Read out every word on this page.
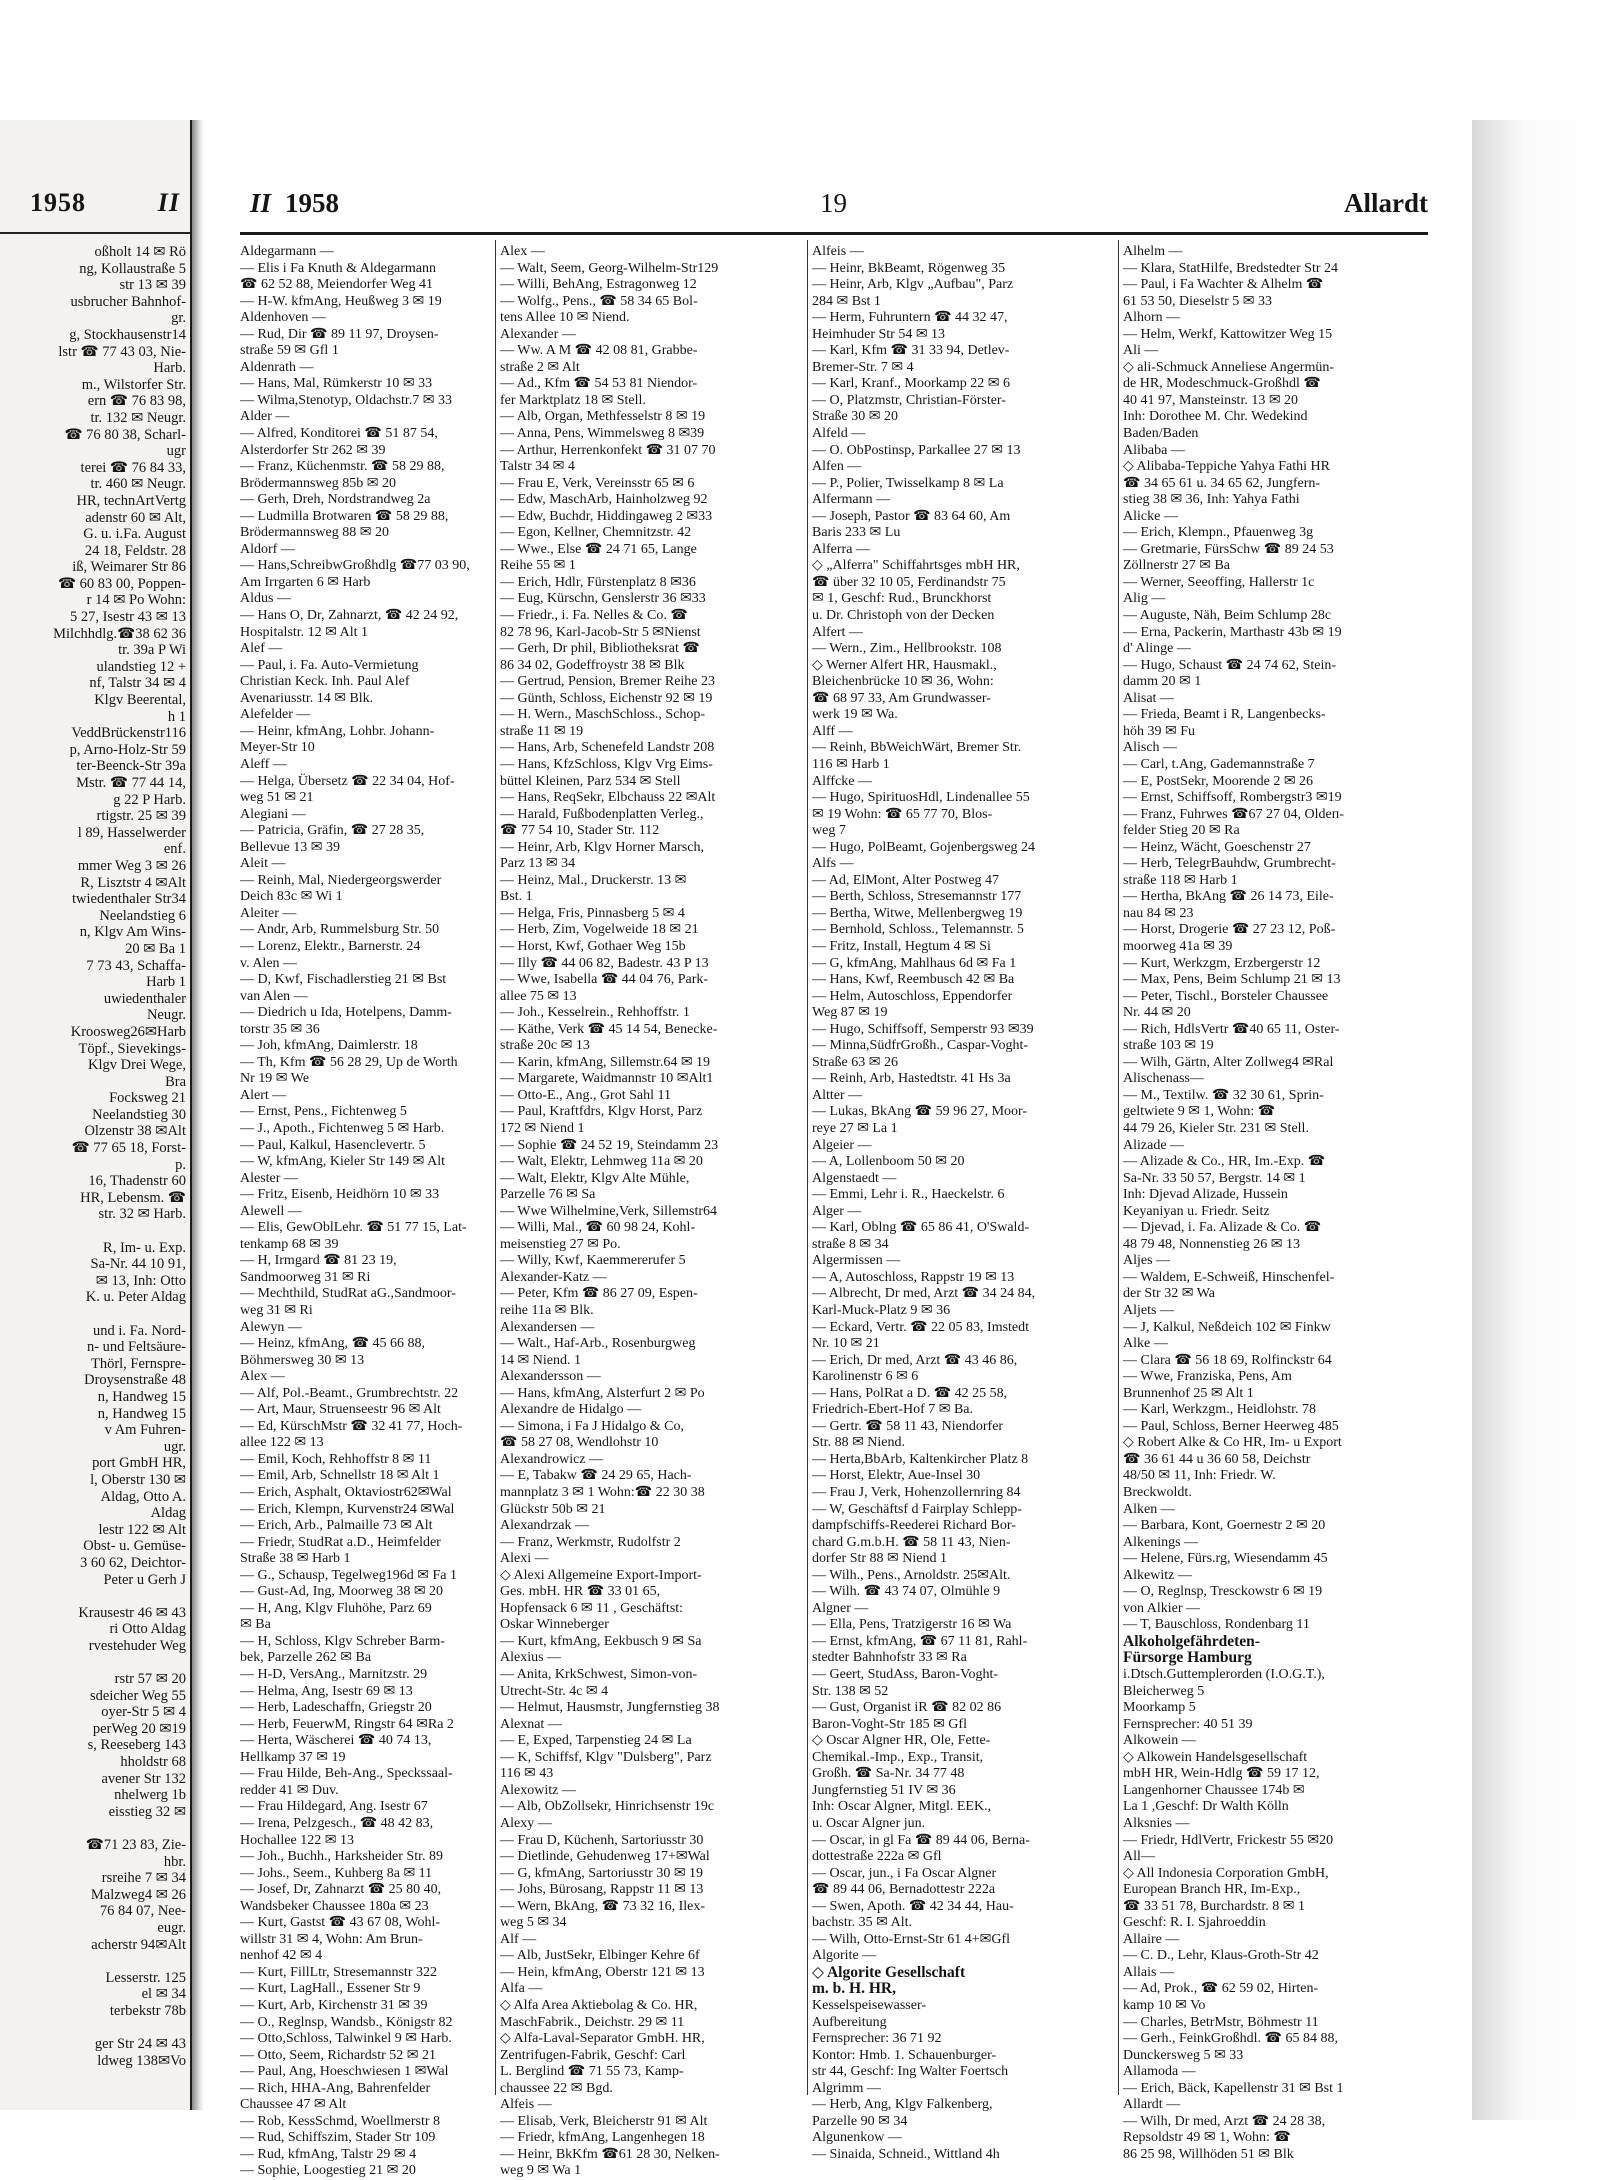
1958	II
oßholt 14 ✉ Rö
ng, Kollaustraße 5
str 13 ✉ 39
usbrucher Bahnhof-
gr.
g, Stockhausenstr14
lstr ☎ 77 43 03, Nie-
Harb.
m., Wilstorfer Str.
ern ☎ 76 83 98,
tr. 132 ✉ Neugr.
☎ 76 80 38, Scharl-
ugr
terei ☎ 76 84 33,
tr. 460 ✉ Neugr.
HR, technArtVertg
adenstr 60 ✉ Alt,
G. u. i.Fa. August
24 18, Feldstr. 28
iß, Weimarer Str 86
☎ 60 83 00, Poppen-
r 14 ✉ Po Wohn:
5 27, Isestr 43 ✉ 13
Milchhdlg.☎38 62 36
tr. 39a P Wi
ulandstieg 12 +
nf, Talstr 34 ✉ 4
Klgv Beerental,
h 1
VeddBrückenstr116
p, Arno-Holz-Str 59
ter-Beenck-Str 39a
Mstr. ☎ 77 44 14,
g 22 P Harb.
rtigstr. 25 ✉ 39
l 89, Hasselwerder
enf.
mmer Weg 3 ✉ 26
R, Lisztstr 4 ✉Alt
twiedenthaler Str34
Neelandstieg 6
n, Klgv Am Wins-
20 ✉ Ba 1
7 73 43, Schaffa-
Harb 1
uwiedenthaler
Neugr.
Kroosweg26✉Harb
Töpf., Sievekings-
Klgv Drei Wege,
Bra
Focksweg 21
Neelandstieg 30
Olzenstr 38 ✉Alt
☎ 77 65 18, Forst-
p.
16, Thadenstr 60
HR, Lebensm. ☎
str. 32 ✉ Harb.
R, Im- u. Exp.
Sa-Nr. 44 10 91,
✉ 13, Inh: Otto
K. u. Peter Aldag
und i. Fa. Nord-
n- und Feltsäure-
Thörl, Fernspre-
Droysenstraße 48
n, Handweg 15
n, Handweg 15
v Am Fuhren-
ugr.
port GmbH HR,
l, Oberstr 130 ✉
Aldag, Otto A.
Aldag
lestr 122 ✉ Alt
Obst- u. Gemüse-
3 60 62, Deichtor-
Peter u Gerh J
Krausestr 46 ✉ 43
ri Otto Aldag
rvestehuder Weg
rstr 57 ✉ 20
sdeicher Weg 55
oyer-Str 5 ✉ 4
perWeg 20 ✉19
s, Reeseberg 143
hholdstr 68
avener Str 132
nhelwerg 1b
eisstieg 32 ✉
☎71 23 83, Zie-
hbr.
rsreihe 7 ✉ 34
Malzweg4 ✉ 26
76 84 07, Nee-
eugr.
acherstr 94✉Alt
Lesserstr. 125
el ✉ 34
terbekstr 78b
ger Str 24 ✉ 43
ldweg 138✉Vo
II 1958	19	Allardt
Aldegarmann —
— Elis i Fa Knuth & Aldegarmann
☎ 62 52 88, Meiendorfer Weg 41
— H-W. kfmAng, Heußweg 3 ✉ 19
Aldenhoven —
— Rud, Dir ☎ 89 11 97, Droysen-
straße 59 ✉ Gfl 1
Aldenrath —
— Hans, Mal, Rümkerstr 10 ✉ 33
— Wilma,Stenotyp, Oldachstr.7 ✉ 33
Alder —
— Alfred, Konditorei ☎ 51 87 54,
Alsterdorfer Str 262 ✉ 39
— Franz, Küchenmstr. ☎ 58 29 88,
Brödermannsweg 85b ✉ 20
— Gerh, Dreh, Nordstrandweg 2a
— Ludmilla Brotwaren ☎ 58 29 88,
Brödermannsweg 88 ✉ 20
Aldorf —
— Hans,SchreibwGroßhdlg ☎77 03 90,
Am Irrgarten 6 ✉ Harb
Aldus —
— Hans O, Dr, Zahnarzt, ☎ 42 24 92,
Hospitalstr. 12 ✉ Alt 1
Alef —
— Paul, i. Fa. Auto-Vermietung
Christian Keck. Inh. Paul Alef
Avenariusstr. 14 ✉ Blk.
Alefelder —
— Heinr, kfmAng, Lohbr. Johann-
Meyer-Str 10
Aleff —
— Helga, Übersetz ☎ 22 34 04, Hof-
weg 51 ✉ 21
Alegiani —
— Patricia, Gräfin, ☎ 27 28 35,
Bellevue 13 ✉ 39
Aleit —
— Reinh, Mal, Niedergeorgswerder
Deich 83c ✉ Wi 1
Aleiter —
— Andr, Arb, Rummelsburg Str. 50
— Lorenz, Elektr., Barnerstr. 24
v. Alen —
— D, Kwf, Fischadlerstieg 21 ✉ Bst
van Alen —
— Diedrich u Ida, Hotelpens, Damm-
torstr 35 ✉ 36
— Joh, kfmAng, Daimlerstr. 18
— Th, Kfm ☎ 56 28 29, Up de Worth
Nr 19 ✉ We
Alert —
— Ernst, Pens., Fichtenweg 5
— J., Apoth., Fichtenweg 5 ✉ Harb.
— Paul, Kalkul, Hasenclevertr. 5
— W, kfmAng, Kieler Str 149 ✉ Alt
Alester —
— Fritz, Eisenb, Heidhörn 10 ✉ 33
Alewell —
— Elis, GewOblLehr. ☎ 51 77 15, Lat-
tenkamp 68 ✉ 39
— H, Irmgard ☎ 81 23 19,
Sandmoorweg 31 ✉ Ri
— Mechthild, StudRat aG.,Sandmoor-
weg 31 ✉ Ri
Alewyn —
— Heinz, kfmAng, ☎ 45 66 88,
Böhmersweg 30 ✉ 13
Alex —
— Alf, Pol.-Beamt., Grumbrechtstr. 22
— Art, Maur, Struenseestr 96 ✉ Alt
— Ed, KürschMstr ☎ 32 41 77, Hoch-
allee 122 ✉ 13
— Emil, Koch, Rehhoffstr 8 ✉ 11
— Emil, Arb, Schnellstr 18 ✉ Alt 1
— Erich, Asphalt, Oktaviostr62✉Wal
— Erich, Klempn, Kurvenstr24 ✉Wal
— Erich, Arb., Palmaille 73 ✉ Alt
— Friedr, StudRat a.D., Heimfelder
Straße 38 ✉ Harb 1
— G., Schausp, Tegelweg196d ✉ Fa 1
— Gust-Ad, Ing, Moorweg 38 ✉ 20
— H, Ang, Klgv Fluhöhe, Parz 69
✉ Ba
— H, Schloss, Klgv Schreber Barm-
bek, Parzelle 262 ✉ Ba
— H-D, VersAng., Marnitzstr. 29
— Helma, Ang, Isestr 69 ✉ 13
— Herb, Ladeschaffn, Griegstr 20
— Herb, FeuerwM, Ringstr 64 ✉Ra 2
— Herta, Wäscherei ☎ 40 74 13,
Hellkamp 37 ✉ 19
— Frau Hilde, Beh-Ang., Speckssaal-
redder 41 ✉ Duv.
— Frau Hildegard, Ang. Isestr 67
— Irena, Pelzgesch., ☎ 48 42 83,
Hochallee 122 ✉ 13
— Joh., Buchh., Harksheider Str. 89
— Johs., Seem., Kuhberg 8a ✉ 11
— Josef, Dr, Zahnarzt ☎ 25 80 40,
Wandsbeker Chaussee 180a ✉ 23
— Kurt, Gastst ☎ 43 67 08, Wohl-
willstr 31 ✉ 4, Wohn: Am Brun-
nenhof 42 ✉ 4
— Kurt, FillLtr, Stresemannstr 322
— Kurt, LagHall., Essener Str 9
— Kurt, Arb, Kirchenstr 31 ✉ 39
— O., Reglnsp, Wandsb., Königstr 82
— Otto,Schloss, Talwinkel 9 ✉ Harb.
— Otto, Seem, Richardstr 52 ✉ 21
— Paul, Ang, Hoeschwiesen 1 ✉Wal
— Rich, HHA-Ang, Bahrenfelder
Chaussee 47 ✉ Alt
— Rob, KessSchmd, Woellmerstr 8
— Rud, Schiffszim, Stader Str 109
— Rud, kfmAng, Talstr 29 ✉ 4
— Sophie, Loogestieg 21 ✉ 20
Alex —
— Walt, Seem, Georg-Wilhelm-Str129
— Willi, BehAng, Estragonweg 12
— Wolfg., Pens., ☎ 58 34 65 Bol-
tens Allee 10 ✉ Niend.
Alexander —
— Ww. A M ☎ 42 08 81, Grabbe-
straße 2 ✉ Alt
— Ad., Kfm ☎ 54 53 81 Niendor-
fer Marktplatz 18 ✉ Stell.
— Alb, Organ, Methfesselstr 8 ✉ 19
— Anna, Pens, Wimmelsweg 8 ✉39
— Arthur, Herrenkonfekt ☎ 31 07 70
Talstr 34 ✉ 4
— Frau E, Verk, Vereinsstr 65 ✉ 6
— Edw, MaschArb, Hainholzweg 92
— Edw, Buchdr, Hiddingaweg 2 ✉33
— Egon, Kellner, Chemnitzstr. 42
— Wwe., Else ☎ 24 71 65, Lange
Reihe 55 ✉ 1
— Erich, Hdlr, Fürstenplatz 8 ✉36
— Eug, Kürschn, Genslerstr 36 ✉33
— Friedr., i. Fa. Nelles & Co. ☎
82 78 96, Karl-Jacob-Str 5 ✉Nienst
— Gerh, Dr phil, Bibliotheksrat ☎
86 34 02, Godeffroystr 38 ✉ Blk
— Gertrud, Pension, Bremer Reihe 23
— Günth, Schloss, Eichenstr 92 ✉ 19
— H. Wern., MaschSchloss., Schop-
straße 11 ✉ 19
— Hans, Arb, Schenefeld Landstr 208
— Hans, KfzSchloss, Klgv Vrg Eims-
büttel Kleinen, Parz 534 ✉ Stell
— Hans, ReqSekr, Elbchauss 22 ✉Alt
— Harald, Fußbodenplatten Verleg.,
☎ 77 54 10, Stader Str. 112
— Heinr, Arb, Klgv Horner Marsch,
Parz 13 ✉ 34
— Heinz, Mal., Druckerstr. 13 ✉
Bst. 1
— Helga, Fris, Pinnasberg 5 ✉ 4
— Herb, Zim, Vogelweide 18 ✉ 21
— Horst, Kwf, Gothaer Weg 15b
— Illy ☎ 44 06 82, Badestr. 43 P 13
— Wwe, Isabella ☎ 44 04 76, Park-
allee 75 ✉ 13
— Joh., Kesselrein., Rehhoffstr. 1
— Käthe, Verk ☎ 45 14 54, Benecke-
straße 20c ✉ 13
— Karin, kfmAng, Sillemstr.64 ✉ 19
— Margarete, Waidmannstr 10 ✉Alt1
— Otto-E., Ang., Grot Sahl 11
— Paul, Kraftfdrs, Klgv Horst, Parz
172 ✉ Niend 1
— Sophie ☎ 24 52 19, Steindamm 23
— Walt, Elektr, Lehmweg 11a ✉ 20
— Walt, Elektr, Klgv Alte Mühle,
Parzelle 76 ✉ Sa
— Wwe Wilhelmine,Verk, Sillemstr64
— Willi, Mal., ☎ 60 98 24, Kohl-
meisenstieg 27 ✉ Po.
— Willy, Kwf, Kaemmererufer 5
Alexander-Katz —
— Peter, Kfm ☎ 86 27 09, Espen-
reihe 11a ✉ Blk.
Alexandersen —
— Walt., Haf-Arb., Rosenburgweg
14 ✉ Niend. 1
Alexandersson —
— Hans, kfmAng, Alsterfurt 2 ✉ Po
Alexandre de Hidalgo —
— Simona, i Fa J Hidalgo & Co,
☎ 58 27 08, Wendlohstr 10
Alexandrowicz —
— E, Tabakw ☎ 24 29 65, Hach-
mannplatz 3 ✉ 1 Wohn:☎ 22 30 38
Glückstr 50b ✉ 21
Alexandrzak —
— Franz, Werkmstr, Rudolfstr 2
Alexi —
◇ Alexi Allgemeine Export-Import-
Ges. mbH. HR ☎ 33 01 65,
Hopfensack 6 ✉ 11 , Geschäftst:
Oskar Winneberger
— Kurt, kfmAng, Eekbusch 9 ✉ Sa
Alexius —
— Anita, KrkSchwest, Simon-von-
Utrecht-Str. 4c ✉ 4
— Helmut, Hausmstr, Jungfernstieg 38
Alexnat —
— E, Exped, Tarpenstieg 24 ✉ La
— K, Schiffsf, Klgv "Dulsberg", Parz
116 ✉ 43
Alexowitz —
— Alb, ObZollsekr, Hinrichsenstr 19c
Alexy —
— Frau D, Küchenh, Sartoriusstr 30
— Dietlinde, Gehudenweg 17+✉Wal
— G, kfmAng, Sartoriusstr 30 ✉ 19
— Johs, Bürosang, Rappstr 11 ✉ 13
— Wern, BkAng, ☎ 73 32 16, Ilex-
weg 5 ✉ 34
Alf —
— Alb, JustSekr, Elbinger Kehre 6f
— Hein, kfmAng, Oberstr 121 ✉ 13
Alfa —
◇ Alfa Area Aktiebolag & Co. HR,
MaschFabrik., Deichstr. 29 ✉ 11
◇ Alfa-Laval-Separator GmbH. HR,
Zentrifugen-Fabrik, Geschf: Carl
L. Berglind ☎ 71 55 73, Kamp-
chaussee 22 ✉ Bgd.
Alfeis —
— Elisab, Verk, Bleicherstr 91 ✉ Alt
— Friedr, kfmAng, Langenhegen 18
— Heinr, BkKfm ☎61 28 30, Nelken-
weg 9 ✉ Wa 1
Alfeis —
— Heinr, BkBeamt, Rögenweg 35
— Heinr, Arb, Klgv „Aufbau", Parz
284 ✉ Bst 1
— Herm, Fuhruntern ☎ 44 32 47,
Heimhuder Str 54 ✉ 13
— Karl, Kfm ☎ 31 33 94, Detlev-
Bremer-Str. 7 ✉ 4
— Karl, Kranf., Moorkamp 22 ✉ 6
— O, Platzmstr, Christian-Förster-
Straße 30 ✉ 20
Alfeld —
— O. ObPostinsp, Parkallee 27 ✉ 13
Alfen —
— P., Polier, Twisselkamp 8 ✉ La
Alfermann —
— Joseph, Pastor ☎ 83 64 60, Am
Baris 233 ✉ Lu
Alferra —
◇ „Alferra" Schiffahrtsges mbH HR,
☎ über 32 10 05, Ferdinandstr 75
✉ 1, Geschf: Rud., Brunckhorst
u. Dr. Christoph von der Decken
Alfert —
— Wern., Zim., Hellbrookstr. 108
◇ Werner Alfert HR, Hausmakl.,
Bleichenbrücke 10 ✉ 36, Wohn:
☎ 68 97 33, Am Grundwasser-
werk 19 ✉ Wa.
Alff —
— Reinh, BbWeichWärt, Bremer Str.
116 ✉ Harb 1
Alffcke —
— Hugo, SpirituosHdl, Lindenallee 55
✉ 19 Wohn: ☎ 65 77 70, Blos-
weg 7
— Hugo, PolBeamt, Gojenbergsweg 24
Alfs —
— Ad, ElMont, Alter Postweg 47
— Berth, Schloss, Stresemannstr 177
— Bertha, Witwe, Mellenbergweg 19
— Bernhold, Schloss., Telemannstr. 5
— Fritz, Install, Hegtum 4 ✉ Si
— G, kfmAng, Mahlhaus 6d ✉ Fa 1
— Hans, Kwf, Reembusch 42 ✉ Ba
— Helm, Autoschloss, Eppendorfer
Weg 87 ✉ 19
— Hugo, Schiffsoff, Semperstr 93 ✉39
— Minna,SüdfrGroßh., Caspar-Voght-
Straße 63 ✉ 26
— Reinh, Arb, Hastedtstr. 41 Hs 3a
Altter —
— Lukas, BkAng ☎ 59 96 27, Moor-
reye 27 ✉ La 1
Algeier —
— A, Lollenboom 50 ✉ 20
Algenstaedt —
— Emmi, Lehr i. R., Haeckelstr. 6
Alger —
— Karl, Oblng ☎ 65 86 41, O'Swald-
straße 8 ✉ 34
Algermissen —
— A, Autoschloss, Rappstr 19 ✉ 13
— Albrecht, Dr med, Arzt ☎ 34 24 84,
Karl-Muck-Platz 9 ✉ 36
— Eckard, Vertr. ☎ 22 05 83, Imstedt
Nr. 10 ✉ 21
— Erich, Dr med, Arzt ☎ 43 46 86,
Karolinenstr 6 ✉ 6
— Hans, PolRat a D. ☎ 42 25 58,
Friedrich-Ebert-Hof 7 ✉ Ba.
— Gertr. ☎ 58 11 43, Niendorfer
Str. 88 ✉ Niend.
— Herta,BbArb, Kaltenkircher Platz 8
— Horst, Elektr, Aue-Insel 30
— Frau J, Verk, Hohenzollernring 84
— W, Geschäftsf d Fairplay Schlepp-
dampfschiffs-Reederei Richard Bor-
chard G.m.b.H. ☎ 58 11 43, Nien-
dorfer Str 88 ✉ Niend 1
— Wilh., Pens., Arnoldstr. 25✉Alt.
— Wilh. ☎ 43 74 07, Olmühle 9
Algner —
— Ella, Pens, Tratzigerstr 16 ✉ Wa
— Ernst, kfmAng, ☎ 67 11 81, Rahl-
stedter Bahnhofstr 33 ✉ Ra
— Geert, StudAss, Baron-Voght-
Str. 138 ✉ 52
— Gust, Organist iR ☎ 82 02 86
Baron-Voght-Str 185 ✉ Gfl
◇ Oscar Algner HR, Ole, Fette-
Chemikal.-Imp., Exp., Transit,
Großh. ☎ Sa-Nr. 34 77 48
Jungfernstieg 51 IV ✉ 36
Inh: Oscar Algner, Mitgl. EEK.,
u. Oscar Algner jun.
— Oscar, in gl Fa ☎ 89 44 06, Berna-
dottestraße 222a ✉ Gfl
— Oscar, jun., i Fa Oscar Algner
☎ 89 44 06, Bernadottestr 222a
— Swen, Apoth. ☎ 42 34 44, Hau-
bachstr. 35 ✉ Alt.
— Wilh, Otto-Ernst-Str 61 4+✉Gfl
Algorite —
◇ Algorite Gesellschaft
m. b. H. HR,
Kesselspeisewasser-
Aufbereitung
Fernsprecher: 36 71 92
Kontor: Hmb. 1. Schauenburger-
str 44, Geschf: Ing Walter Foertsch
Algrimm —
— Herb, Ang, Klgv Falkenberg,
Parzelle 90 ✉ 34
Algunenkow —
— Sinaida, Schneid., Wittland 4h
Alhelm —
— Klara, StatHilfe, Bredstedter Str 24
— Paul, i Fa Wachter & Alhelm ☎
61 53 50, Dieselstr 5 ✉ 33
Alhorn —
— Helm, Werkf, Kattowitzer Weg 15
Ali —
◇ ali-Schmuck Anneliese Angermün-
de HR, Modeschmuck-Großhdl ☎
40 41 97, Mansteinstr. 13 ✉ 20
Inh: Dorothee M. Chr. Wedekind
Baden/Baden
Alibaba —
◇ Alibaba-Teppiche Yahya Fathi HR
☎ 34 65 61 u. 34 65 62, Jungfern-
stieg 38 ✉ 36, Inh: Yahya Fathi
Alicke —
— Erich, Klempn., Pfauenweg 3g
— Gretmarie, FürsSchw ☎ 89 24 53
Zöllnerstr 27 ✉ Ba
— Werner, Seeoffing, Hallerstr 1c
Alig —
— Auguste, Näh, Beim Schlump 28c
— Erna, Packerin, Marthastr 43b ✉ 19
d' Alinge —
— Hugo, Schaust ☎ 24 74 62, Stein-
damm 20 ✉ 1
Alisat —
— Frieda, Beamt i R, Langenbecks-
höh 39 ✉ Fu
Alisch —
— Carl, t.Ang, Gademannstraße 7
— E, PostSekr, Moorende 2 ✉ 26
— Ernst, Schiffsoff, Rombergstr3 ✉19
— Franz, Fuhrwes ☎67 27 04, Oldeп-
felder Stieg 20 ✉ Ra
— Heinz, Wächt, Goeschenstr 27
— Herb, TelegrBauhdw, Grumbrecht-
straße 118 ✉ Harb 1
— Hertha, BkAng ☎ 26 14 73, Eile-
nau 84 ✉ 23
— Horst, Drogerie ☎ 27 23 12, Poß-
moorweg 41a ✉ 39
— Kurt, Werkzgm, Erzbergerstr 12
— Max, Pens, Beim Schlump 21 ✉ 13
— Peter, Tischl., Borsteler Chaussee
Nr. 44 ✉ 20
— Rich, HdlsVertr ☎40 65 11, Oster-
straße 103 ✉ 19
— Wilh, Gärtn, Alter Zollweg4 ✉Ral
Alischenass—
— M., Textilw. ☎ 32 30 61, Sprin-
geltwiete 9 ✉ 1, Wohn: ☎
44 79 26, Kieler Str. 231 ✉ Stell.
Alizade —
— Alizade & Co., HR, Im.-Exp. ☎
Sa-Nr. 33 50 57, Bergstr. 14 ✉ 1
Inh: Djevad Alizade, Hussein
Keyaniyan u. Friedr. Seitz
— Djevad, i. Fa. Alizade & Co. ☎
48 79 48, Nonnenstieg 26 ✉ 13
Aljes —
— Waldem, E-Schweiß, Hinschenfel-
der Str 32 ✉ Wa
Aljets —
— J, Kalkul, Neßdeich 102 ✉ Finkw
Alke —
— Clara ☎ 56 18 69, Rolfinckstr 64
— Wwe, Franziska, Pens, Am
Brunnenhof 25 ✉ Alt 1
— Karl, Werkzgm., Heidlohstr. 78
— Paul, Schloss, Berner Heerweg 485
◇ Robert Alke & Co HR, Im- u Export
☎ 36 61 44 u 36 60 58, Deichstr
48/50 ✉ 11, Inh: Friedr. W.
Breckwoldt.
Alken —
— Barbara, Kont, Goernestr 2 ✉ 20
Alkenings —
— Helene, Fürs.rg, Wiesendamm 45
Alkewitz —
— O, Reglnsp, Tresckowstr 6 ✉ 19
von Alkier —
— T, Bauschloss, Rondenbarg 11
Alkoholgefährdeten-
Fürsorge Hamburg
i.Dtsch.Guttemplerorden (I.O.G.T.),
Bleicherweg 5
Moorkamp 5
Fernsprecher: 40 51 39
Alkowein —
◇ Alkowein Handelsgesellschaft
mbH HR, Wein-Hdlg ☎ 59 17 12,
Langenhorner Chaussee 174b ✉
La 1 ,Geschf: Dr Walth Kölln
Alksnies —
— Friedr, HdlVertr, Frickestr 55 ✉20
All—
◇ All Indonesia Corporation GmbH,
European Branch HR, Im-Exp.,
☎ 33 51 78, Burchardstr. 8 ✉ 1
Geschf: R. I. Sjahroeddin
Allaire —
— C. D., Lehr, Klaus-Groth-Str 42
Allais —
— Ad, Prok., ☎ 62 59 02, Hirten-
kamp 10 ✉ Vo
— Charles, BetrMstr, Böhmestr 11
— Gerh., FeinkGroßhdl. ☎ 65 84 88,
Dunckersweg 5 ✉ 33
Allamoda —
— Erich, Bäck, Kapellenstr 31 ✉ Bst 1
Allardt —
— Wilh, Dr med, Arzt ☎ 24 28 38,
Repsoldstr 49 ✉ 1, Wohn: ☎
86 25 98, Willhöden 51 ✉ Blk
